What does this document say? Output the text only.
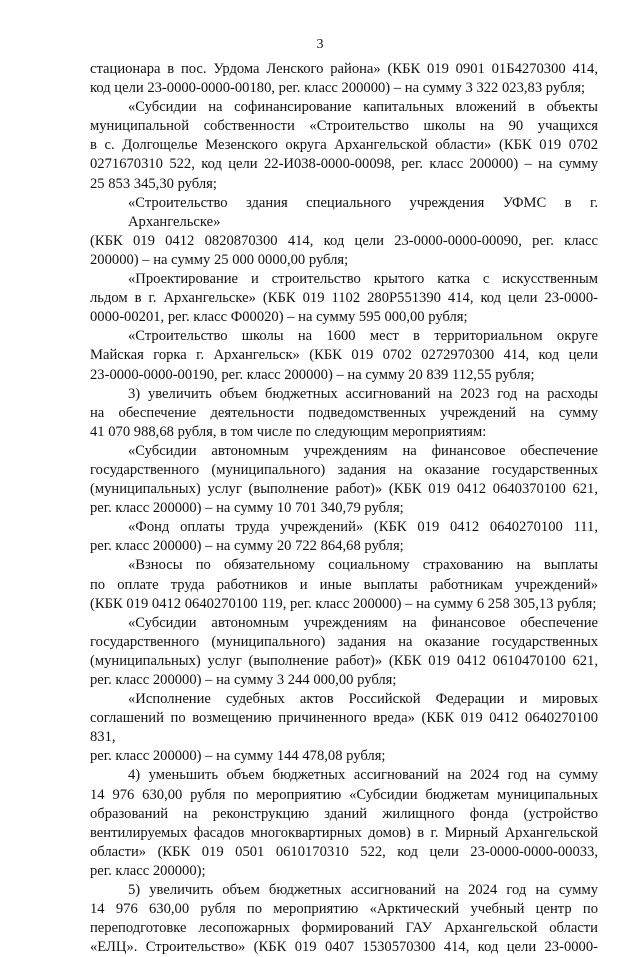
3

стационара в пос. Урдома Ленского района» (КБК 019 0901 01Б4270300 414,

код цели 23-0000-0000-00180, рег. класс 200000) – на сумму 3 322 023,83 рубля;

«Субсидии на софинансирование капитальных вложений в объекты

муниципальной собственности «Строительство школы на 90 учащихся

в с. Долгощелье Мезенского округа Архангельской области» (КБК 019 0702

0271670310 522, код цели 22-И038-0000-00098, рег. класс 200000) – на сумму

25 853 345,30 рубля;

«Строительство здания специального учреждения УФМС в г. Архангельске»

(КБК 019 0412 0820870300 414, код цели 23-0000-0000-00090, рег. класс

200000) – на сумму 25 000 0000,00 рубля;

«Проектирование и строительство крытого катка с искусственным

льдом в г. Архангельске» (КБК 019 1102 280Р551390 414, код цели 23-0000-

0000-00201, рег. класс Ф00020) – на сумму 595 000,00 рубля;

«Строительство школы на 1600 мест в территориальном округе

Майская горка г. Архангельск» (КБК 019 0702 0272970300 414, код цели

23-0000-0000-00190, рег. класс 200000) – на сумму 20 839 112,55 рубля;

3) увеличить объем бюджетных ассигнований на 2023 год на расходы

на обеспечение деятельности подведомственных учреждений на сумму

41 070 988,68 рубля, в том числе по следующим мероприятиям:

«Субсидии автономным учреждениям на финансовое обеспечение

государственного (муниципального) задания на оказание государственных

(муниципальных) услуг (выполнение работ)» (КБК 019 0412 0640370100 621,

рег. класс 200000) – на сумму 10 701 340,79 рубля;

«Фонд оплаты труда учреждений» (КБК 019 0412 0640270100 111,

рег. класс 200000) – на сумму 20 722 864,68 рубля;

«Взносы по обязательному социальному страхованию на выплаты

по оплате труда работников и иные выплаты работникам учреждений»

(КБК 019 0412 0640270100 119, рег. класс 200000) – на сумму 6 258 305,13 рубля;

«Субсидии автономным учреждениям на финансовое обеспечение

государственного (муниципального) задания на оказание государственных

(муниципальных) услуг (выполнение работ)» (КБК 019 0412 0610470100 621,

рег. класс 200000) – на сумму 3 244 000,00 рубля;

«Исполнение судебных актов Российской Федерации и мировых

соглашений по возмещению причиненного вреда» (КБК 019 0412 0640270100 831,

рег. класс 200000) – на сумму 144 478,08 рубля;

4) уменьшить объем бюджетных ассигнований на 2024 год на сумму

14 976 630,00 рубля по мероприятию «Субсидии бюджетам муниципальных

образований на реконструкцию зданий жилищного фонда (устройство

вентилируемых фасадов многоквартирных домов) в г. Мирный Архангельской

области» (КБК 019 0501 0610170310 522, код цели 23-0000-0000-00033,

рег. класс 200000);

5) увеличить объем бюджетных ассигнований на 2024 год на сумму

14 976 630,00 рубля по мероприятию «Арктический учебный центр по

переподготовке лесопожарных формирований ГАУ Архангельской области

«ЕЛЦ». Строительство» (КБК 019 0407 1530570300 414, код цели 23-0000-
